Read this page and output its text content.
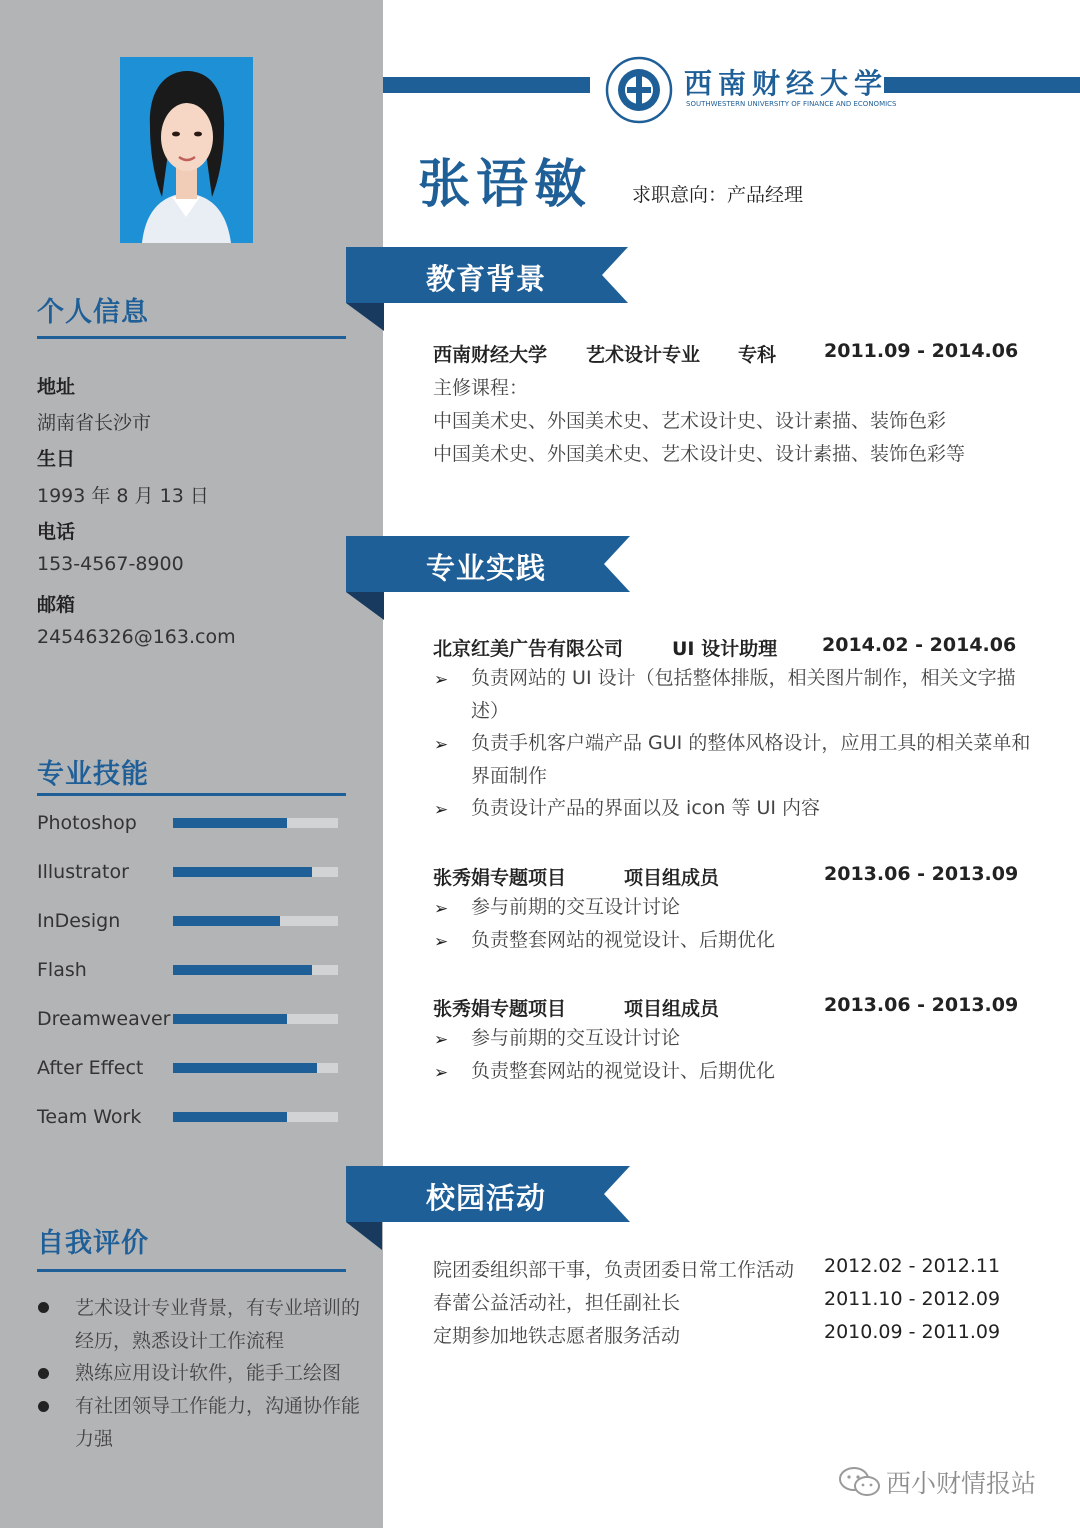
个人信息
地址
湖南省长沙市
生日
1993 年 8 月 13 日
电话
153-4567-8900
邮箱
24546326@163.com
专业技能
Photoshop
Illustrator
InDesign
Flash
Dreamweaver
After Effect
Team Work
自我评价
艺术设计专业背景，有专业培训的经历，熟悉设计工作流程
熟练应用设计软件，能手工绘图
有社团领导工作能力，沟通协作能力强
西南财经大学
SOUTHWESTERN UNIVERSITY OF FINANCE AND ECONOMICS
张语敏 求职意向：产品经理
教育背景
西南财经大学 艺术设计专业 专科	2011.09 - 2014.06
主修课程：
中国美术史、外国美术史、艺术设计史、设计素描、装饰色彩
中国美术史、外国美术史、艺术设计史、设计素描、装饰色彩等
专业实践
北京红美广告有限公司	UI 设计助理 2014.02 - 2014.06
➢ 负责网站的 UI 设计（包括整体排版，相关图片制作，相关文字描述）
➢ 负责手机客户端产品 GUI 的整体风格设计，应用工具的相关菜单和界面制作
➢ 负责设计产品的界面以及 icon 等 UI 内容
张秀娟专题项目	项目组成员	2013.06 - 2013.09
➢ 参与前期的交互设计讨论
➢ 负责整套网站的视觉设计、后期优化
张秀娟专题项目	项目组成员	2013.06 - 2013.09
➢ 参与前期的交互设计讨论
➢ 负责整套网站的视觉设计、后期优化
校园活动
院团委组织部干事，负责团委日常工作活动 2012.02 - 2012.11
春蕾公益活动社，担任副社长	2011.10 - 2012.09
定期参加地铁志愿者服务活动	2010.09 - 2011.09
西小财情报站
